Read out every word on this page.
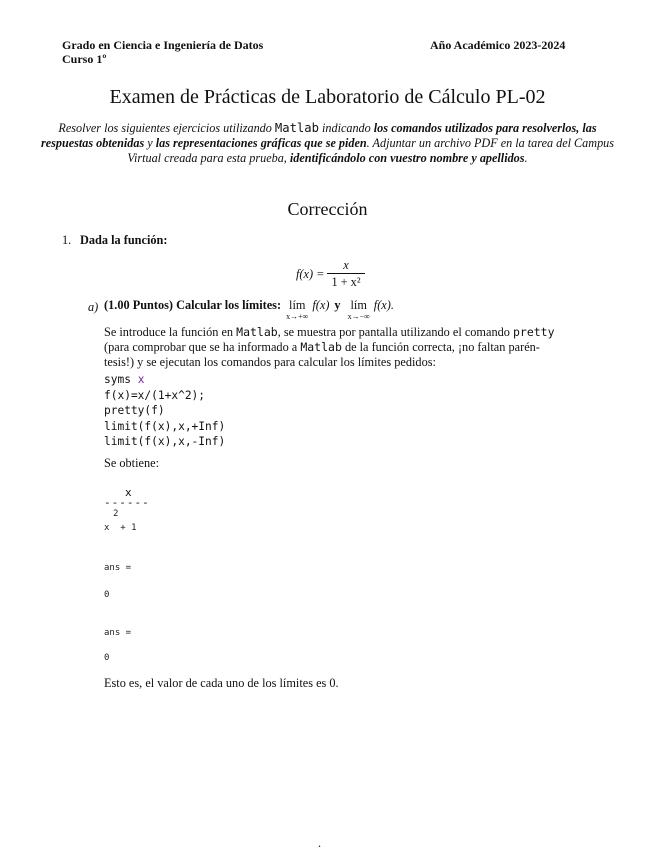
Grado en Ciencia e Ingeniería de Datos
Curso 1º
Año Académico 2023-2024
Examen de Prácticas de Laboratorio de Cálculo PL-02
Resolver los siguientes ejercicios utilizando Matlab indicando los comandos utilizados para resolverlos, las respuestas obtenidas y las representaciones gráficas que se piden. Adjuntar un archivo PDF en la tarea del Campus Virtual creada para esta prueba, identificándolo con vuestro nombre y apellidos.
Corrección
1. Dada la función:
$f(x) = \frac{x}{\text{1 + x²}}$
a) (1.00 Puntos) Calcular los límites:
lím
x→+∞
f(x) y lím
x→−∞
f(x).
Se introduce la función en Matlab, se muestra por pantalla utilizando el comando pretty
(para comprobar que se ha informado a Matlab de la función correcta, ¡no faltan parén-
tesis!) y se ejecutan los comandos para calcular los límites pedidos:
syms x
f(x)=x/(1+x^2);
pretty(f)
limit(f(x),x,+Inf)
limit(f(x),x,-Inf)
Se obtiene:
x
------
2
x  + 1
ans =
0
ans =
0
Esto es, el valor de cada uno de los límites es 0.
.
